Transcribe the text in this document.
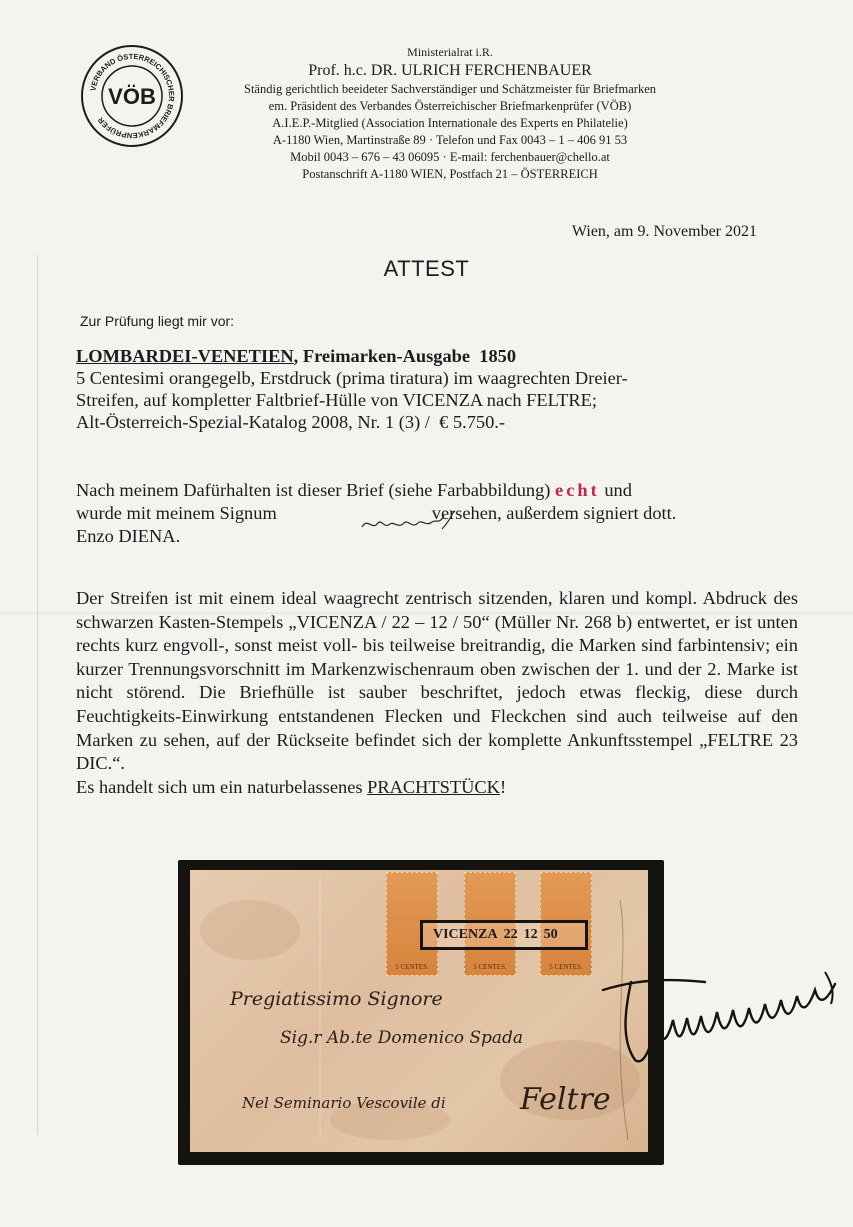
VERBAND ÖSTERREICHISCHER BRIEFMARKENPRÜFER
VÖB
Ministerialrat i.R.
Prof. h.c. DR. ULRICH FERCHENBAUER
Ständig gerichtlich beeideter Sachverständiger und Schätzmeister für Briefmarken
em. Präsident des Verbandes Österreichischer Briefmarkenprüfer (VÖB)
A.I.E.P.-Mitglied (Association Internationale des Experts en Philatelie)
A-1180 Wien, Martinstraße 89 · Telefon und Fax 0043 – 1 – 406 91 53
Mobil 0043 – 676 – 43 06095 · E-mail: ferchenbauer@chello.at
Postanschrift A-1180 WIEN, Postfach 21 – ÖSTERREICH
Wien, am 9. November 2021
ATTEST
Zur Prüfung liegt mir vor:
LOMBARDEI-VENETIEN, Freimarken-Ausgabe  1850
5 Centesimi orangegelb, Erstdruck (prima tiratura) im waagrechten Dreier-
Streifen, auf kompletter Faltbrief-Hülle von VICENZA nach FELTRE;
Alt-Österreich-Spezial-Katalog 2008, Nr. 1 (3) /  € 5.750.-
Nach meinem Dafürhalten ist dieser Brief (siehe Farbabbildung) echt und
wurde mit meinem Signum	versehen, außerdem signiert dott.
Enzo DIENA.

Der Streifen ist mit einem ideal waagrecht zentrisch sitzenden, klaren und kompl. Abdruck des schwarzen Kasten-Stempels „VICENZA / 22 – 12 / 50“ (Müller Nr. 268 b) entwertet, er ist unten rechts kurz engvoll-, sonst meist voll- bis teilweise breitrandig, die Marken sind farbintensiv; ein kurzer Trennungsvorschnitt im Markenzwischenraum oben zwischen der 1. und der 2. Marke ist nicht störend. Die Briefhülle ist sauber beschriftet, jedoch etwas fleckig, diese durch Feuchtigkeits-Einwirkung entstandenen Flecken und Fleckchen sind auch teilweise auf den Marken zu sehen, auf der Rückseite befindet sich der komplette Ankunftsstempel „FELTRE 23 DIC.“.

Es handelt sich um ein naturbelassenes PRACHTSTÜCK!
5 CENTES.	5 CENTES.	5 CENTES.
VICENZA 22 12 50
Pregiatissimo Signore
Sig.r Ab.te Domenico Spada
Nel Seminario Vescovile di Feltre
